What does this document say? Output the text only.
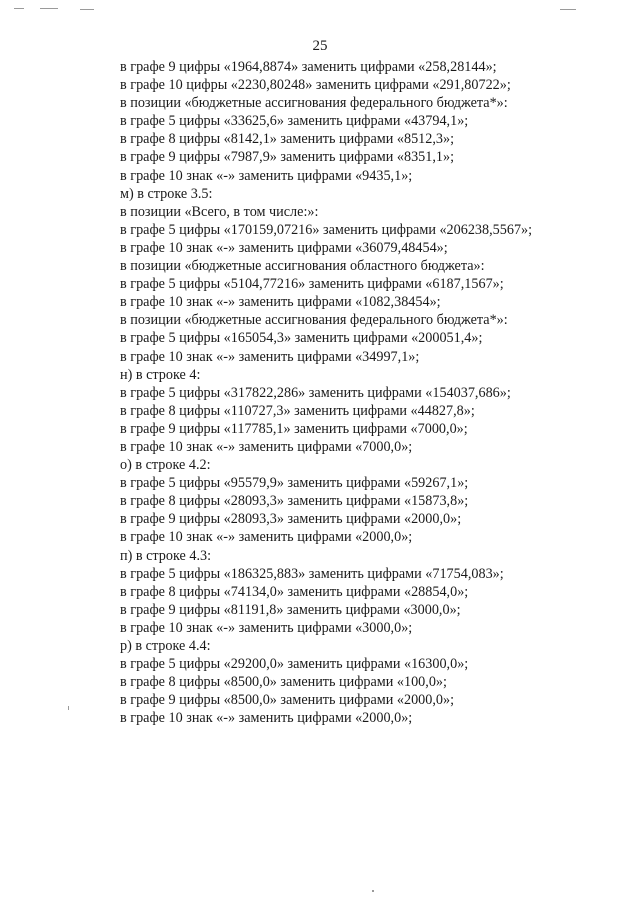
25
в графе 9 цифры «1964,8874» заменить цифрами «258,28144»;
в графе 10 цифры «2230,80248» заменить цифрами «291,80722»;
в позиции «бюджетные ассигнования федерального бюджета*»:
в графе 5 цифры «33625,6» заменить цифрами «43794,1»;
в графе 8 цифры «8142,1» заменить цифрами «8512,3»;
в графе 9 цифры «7987,9» заменить цифрами «8351,1»;
в графе 10 знак «-» заменить цифрами «9435,1»;
м) в строке 3.5:
в позиции «Всего, в том числе:»:
в графе 5 цифры «170159,07216» заменить цифрами «206238,5567»;
в графе 10 знак «-» заменить цифрами «36079,48454»;
в позиции «бюджетные ассигнования областного бюджета»:
в графе 5 цифры «5104,77216» заменить цифрами «6187,1567»;
в графе 10 знак «-» заменить цифрами «1082,38454»;
в позиции «бюджетные ассигнования федерального бюджета*»:
в графе 5 цифры «165054,3» заменить цифрами «200051,4»;
в графе 10 знак «-» заменить цифрами «34997,1»;
н) в строке 4:
в графе 5 цифры «317822,286» заменить цифрами «154037,686»;
в графе 8 цифры «110727,3» заменить цифрами «44827,8»;
в графе 9 цифры «117785,1» заменить цифрами «7000,0»;
в графе 10 знак «-» заменить цифрами «7000,0»;
о) в строке 4.2:
в графе 5 цифры «95579,9» заменить цифрами «59267,1»;
в графе 8 цифры «28093,3» заменить цифрами «15873,8»;
в графе 9 цифры «28093,3» заменить цифрами «2000,0»;
в графе 10 знак «-» заменить цифрами «2000,0»;
п) в строке 4.3:
в графе 5 цифры «186325,883» заменить цифрами «71754,083»;
в графе 8 цифры «74134,0» заменить цифрами «28854,0»;
в графе 9 цифры «81191,8» заменить цифрами «3000,0»;
в графе 10 знак «-» заменить цифрами «3000,0»;
р) в строке 4.4:
в графе 5 цифры «29200,0» заменить цифрами «16300,0»;
в графе 8 цифры «8500,0» заменить цифрами «100,0»;
в графе 9 цифры «8500,0» заменить цифрами «2000,0»;
в графе 10 знак «-» заменить цифрами «2000,0»;
